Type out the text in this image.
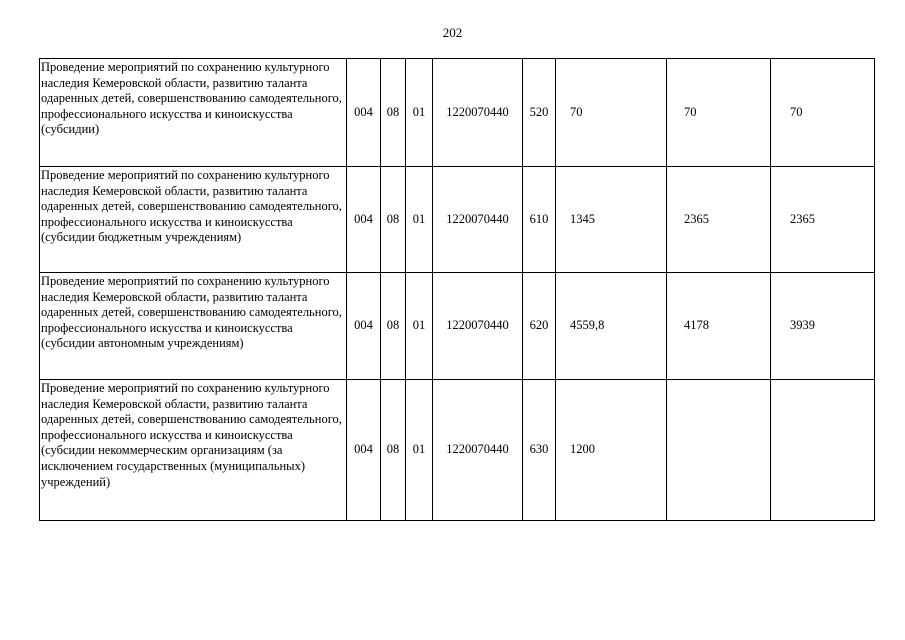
202
Проведение мероприятий по сохранению культурного наследия Кемеровской области, развитию таланта одаренных детей, совершенствованию самодеятельного, профессионального искусства и киноискусства (субсидии)	004	08	01	1220070440	520	70	70	70
Проведение мероприятий по сохранению культурного наследия Кемеровской области, развитию таланта одаренных детей, совершенствованию самодеятельного, профессионального искусства и киноискусства (субсидии бюджетным учреждениям)	004	08	01	1220070440	610	1345	2365	2365
Проведение мероприятий по сохранению культурного наследия Кемеровской области, развитию таланта одаренных детей, совершенствованию самодеятельного, профессионального искусства и киноискусства (субсидии автономным учреждениям)	004	08	01	1220070440	620	4559,8	4178	3939
Проведение мероприятий по сохранению культурного наследия Кемеровской области, развитию таланта одаренных детей, совершенствованию самодеятельного, профессионального искусства и киноискусства (субсидии некоммерческим организациям (за исключением государственных (муниципальных) учреждений)	004	08	01	1220070440	630	1200		
